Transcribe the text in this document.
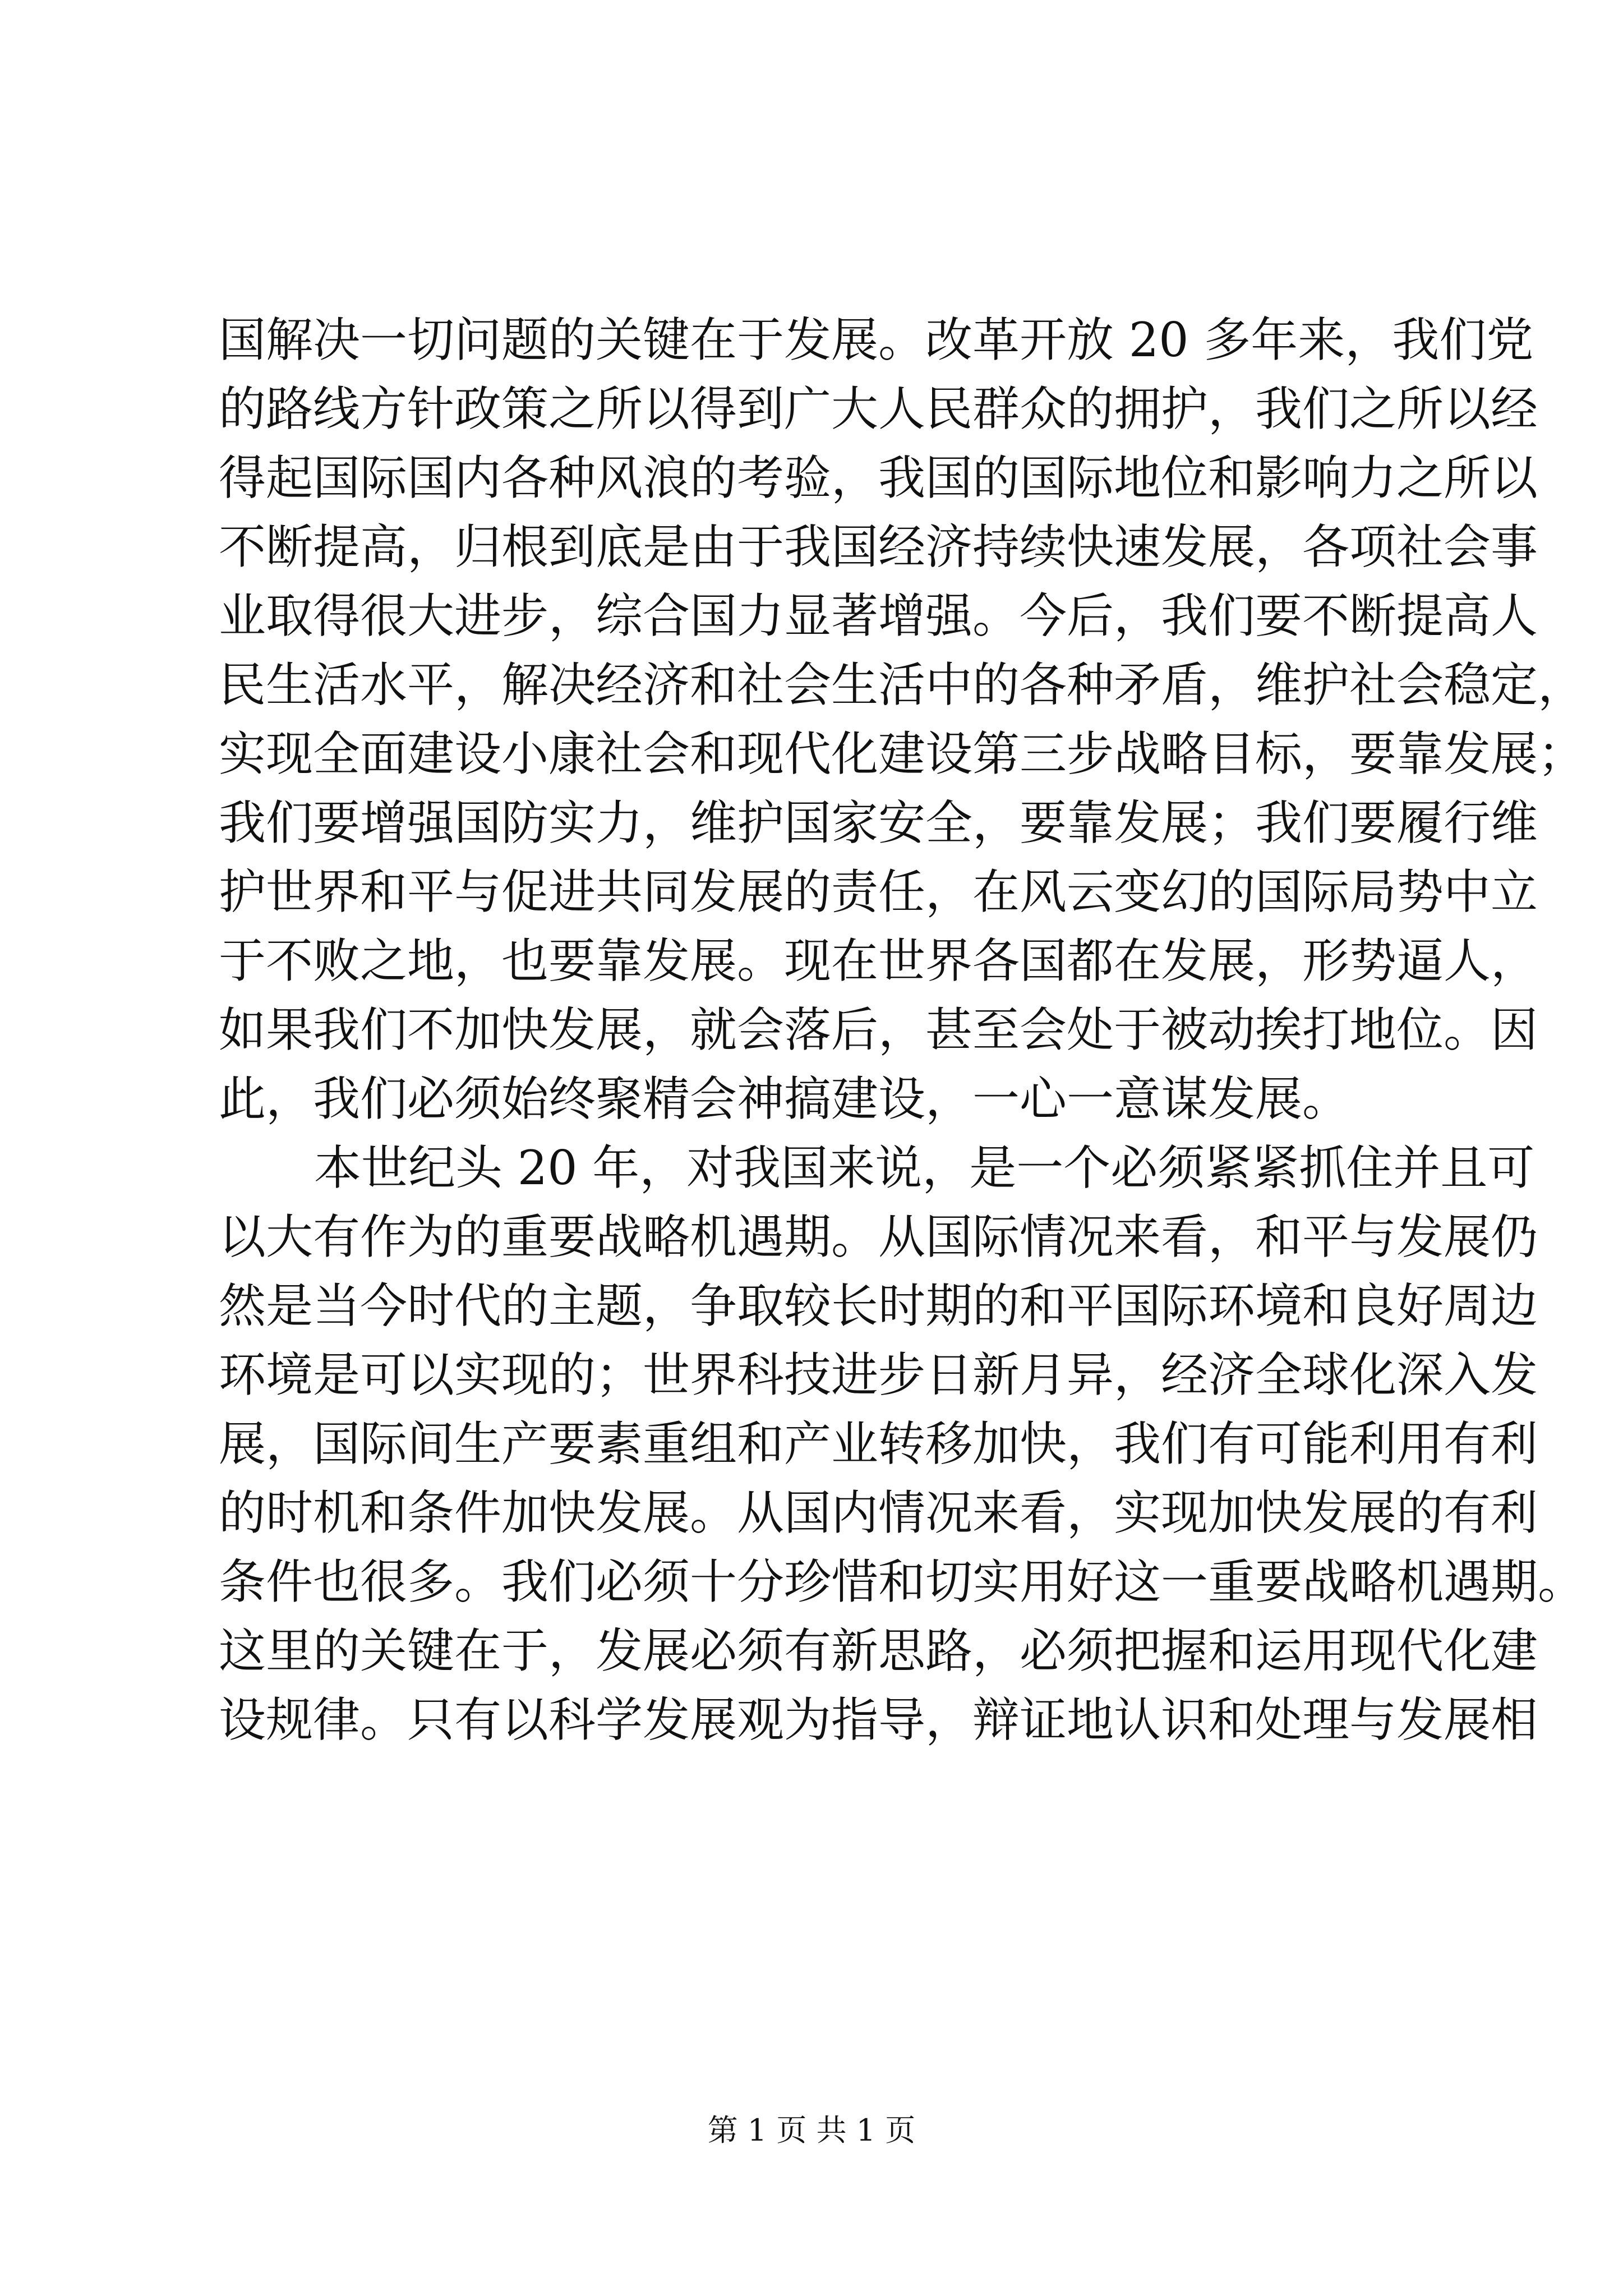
国解决一切问题的关键在于发展。改革开放 20 多年来，我们党
的路线方针政策之所以得到广大人民群众的拥护，我们之所以经
得起国际国内各种风浪的考验，我国的国际地位和影响力之所以
不断提高，归根到底是由于我国经济持续快速发展，各项社会事
业取得很大进步，综合国力显著增强。今后，我们要不断提高人
民生活水平，解决经济和社会生活中的各种矛盾，维护社会稳定，
实现全面建设小康社会和现代化建设第三步战略目标，要靠发展；
我们要增强国防实力，维护国家安全，要靠发展；我们要履行维
护世界和平与促进共同发展的责任，在风云变幻的国际局势中立
于不败之地，也要靠发展。现在世界各国都在发展，形势逼人，
如果我们不加快发展，就会落后，甚至会处于被动挨打地位。因
此，我们必须始终聚精会神搞建设，一心一意谋发展。
本世纪头 20 年，对我国来说，是一个必须紧紧抓住并且可
以大有作为的重要战略机遇期。从国际情况来看，和平与发展仍
然是当今时代的主题，争取较长时期的和平国际环境和良好周边
环境是可以实现的；世界科技进步日新月异，经济全球化深入发
展，国际间生产要素重组和产业转移加快，我们有可能利用有利
的时机和条件加快发展。从国内情况来看，实现加快发展的有利
条件也很多。我们必须十分珍惜和切实用好这一重要战略机遇期。
这里的关键在于，发展必须有新思路，必须把握和运用现代化建
设规律。只有以科学发展观为指导，辩证地认识和处理与发展相
第 1 页 共 1 页
